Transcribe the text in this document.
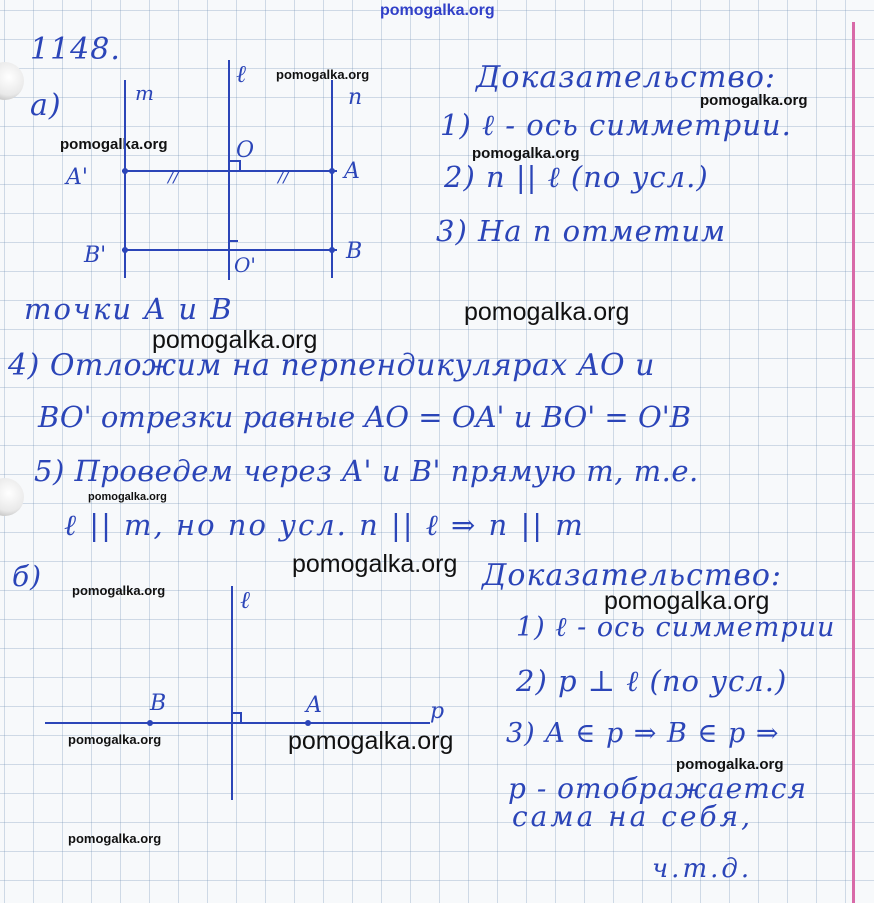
pomogalka.org
pomogalka.org
pomogalka.org
pomogalka.org
pomogalka.org
pomogalka.org
pomogalka.org
pomogalka.org
pomogalka.org
pomogalka.org	pomogalka.org
pomogalka.org	pomogalka.org
pomogalka.org
pomogalka.org
1148.
а)	m
ℓ
n
O
A'	A
B'	B
O'
//	//
ℓ
B	A	p
Доказательство:
1) ℓ - ось симметрии.
2) n || ℓ (по усл.)
3) На n отметим
точки A и B
4) Отложим на перпендикулярах AO и
BO' отрезки равные AO = OA' и BO' = O'B
5) Проведем через A' и B' прямую m, т.е.
ℓ || m, но по усл. n || ℓ ⇒ n || m
б)	Доказательство:
1) ℓ - ось симметрии
2) p ⊥ ℓ (по усл.)
3) A ∈ p ⇒ B ∈ p ⇒
p - отображается
сама на себя,
ч.т.д.
